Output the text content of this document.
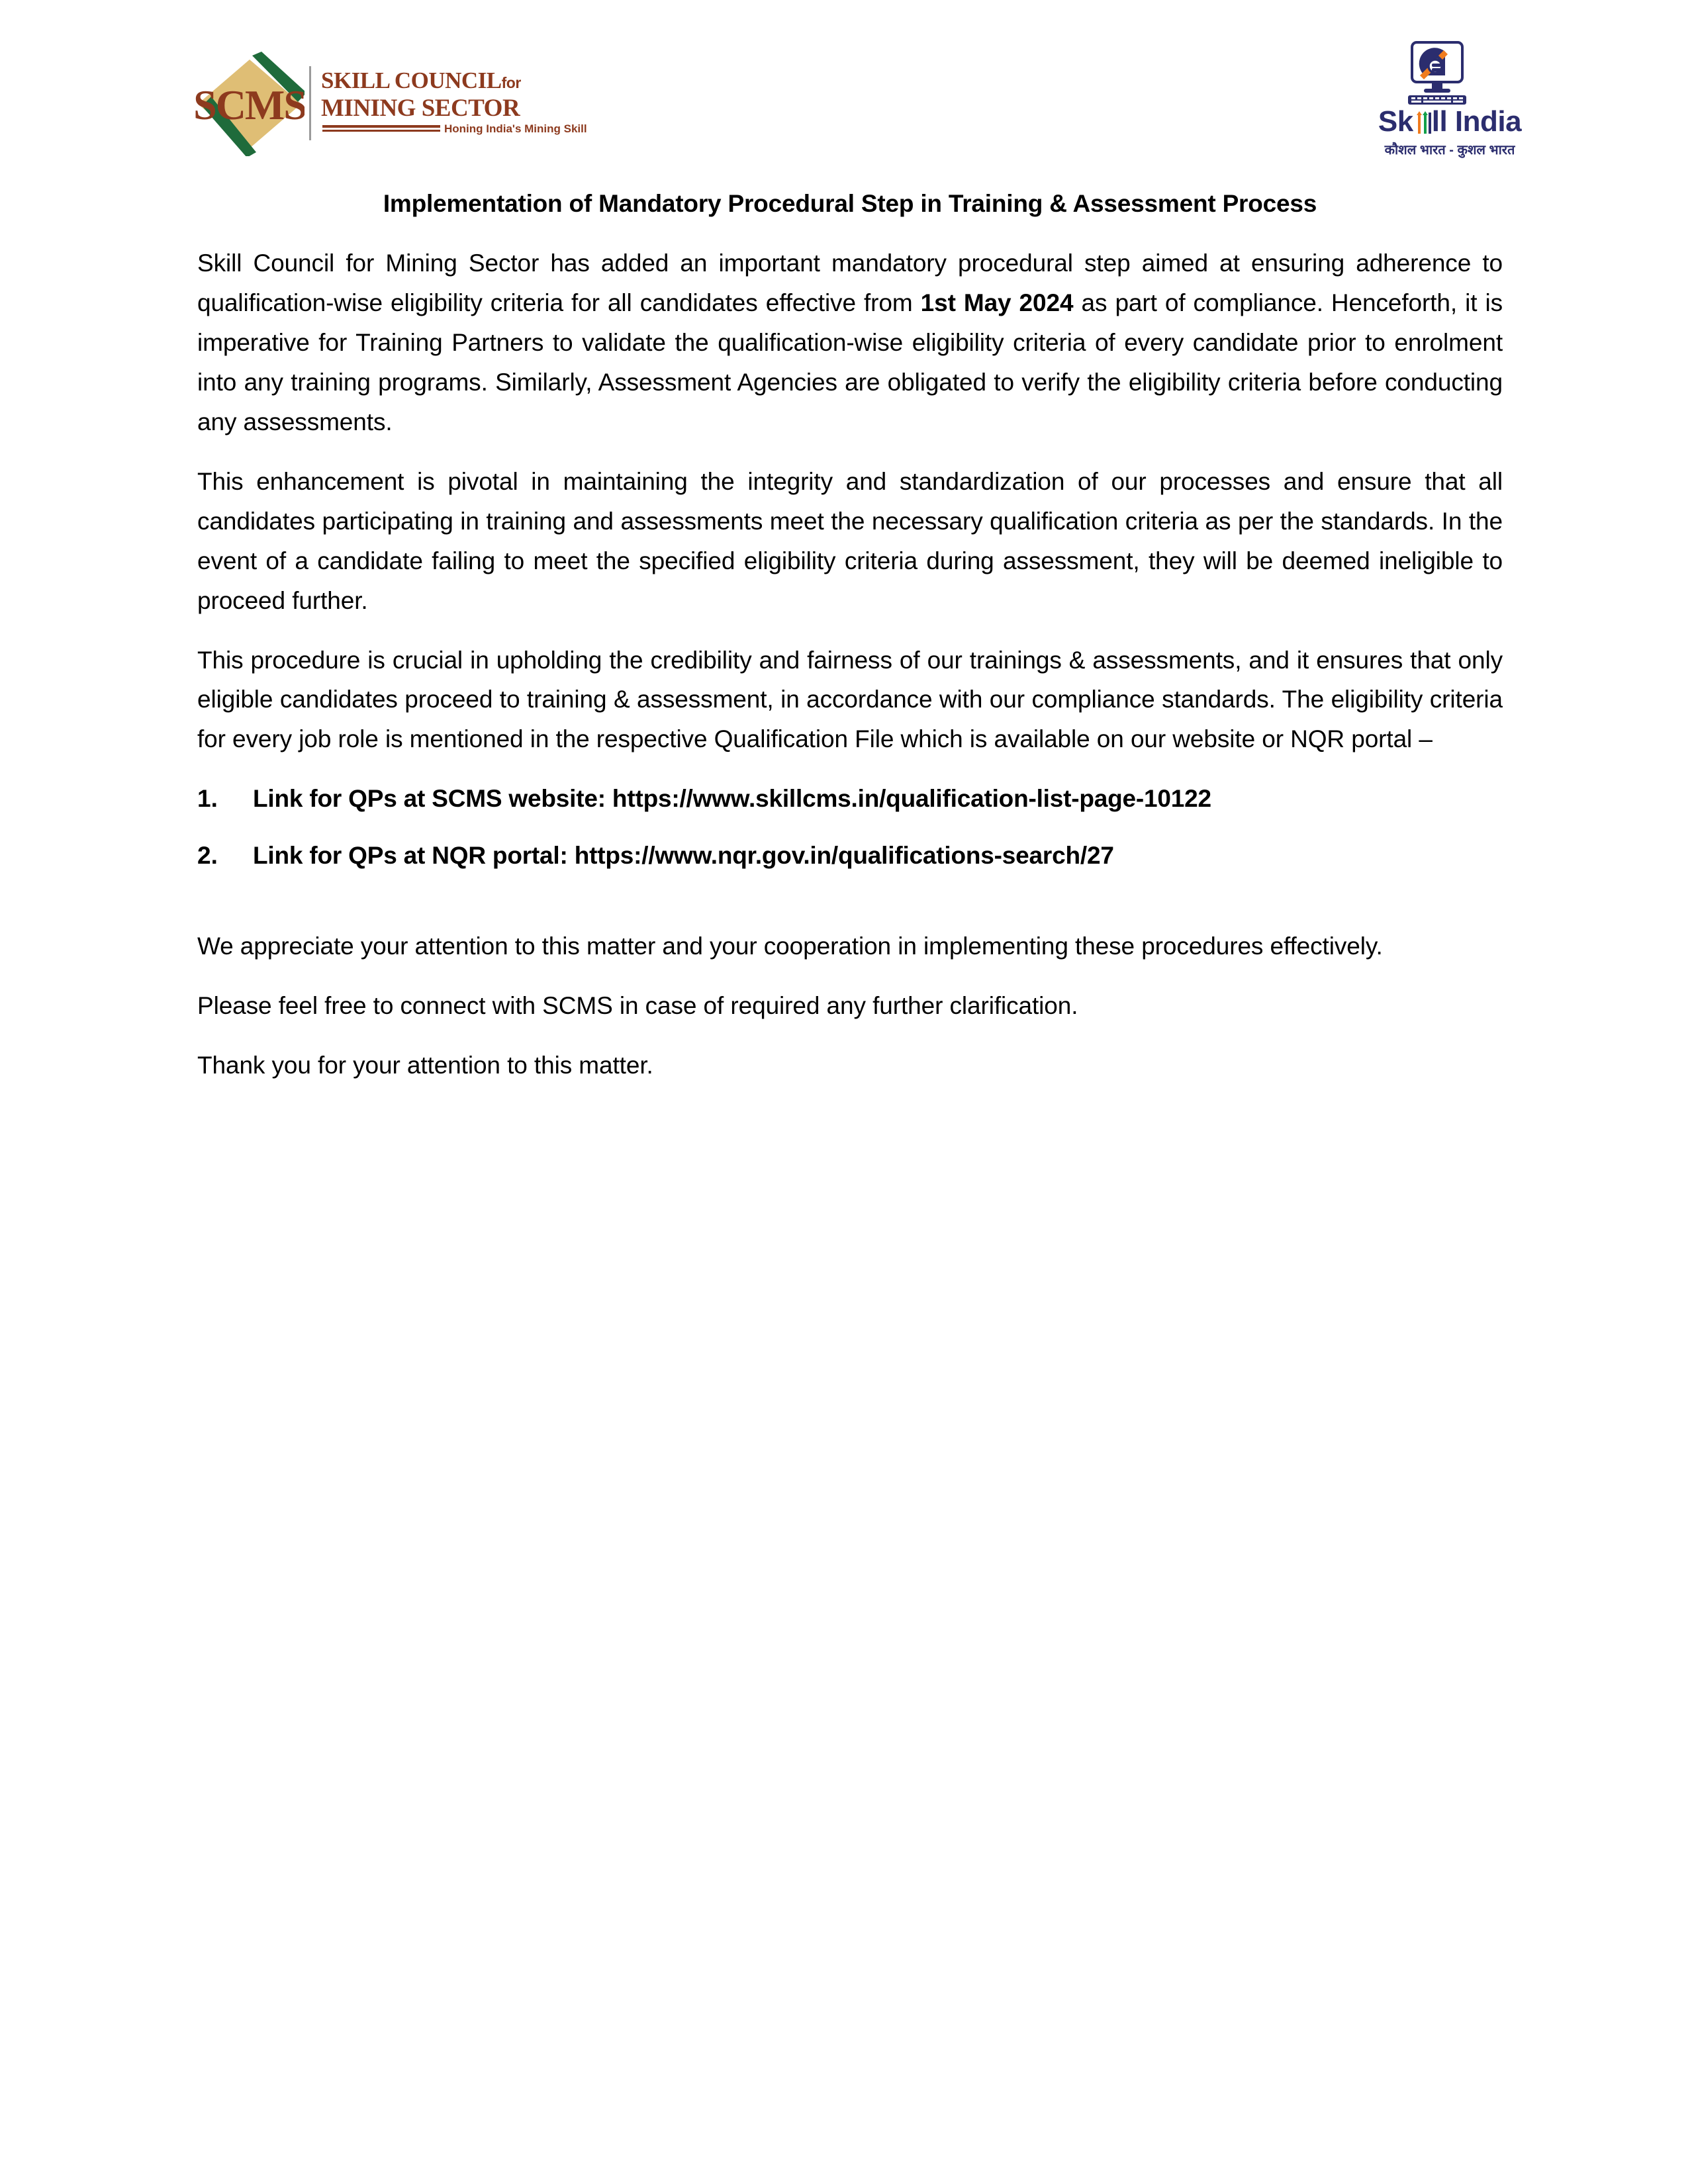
SCMS
SKILL COUNCILfor
MINING SECTOR
Honing India's Mining Skill	Sk ll India
कौशल भारत - कुशल भारत
Implementation of Mandatory Procedural Step in Training & Assessment Process

Skill Council for Mining Sector has added an important mandatory procedural step aimed at ensuring adherence to qualification-wise eligibility criteria for all candidates effective from 1st May 2024 as part of compliance. Henceforth, it is imperative for Training Partners to validate the qualification-wise eligibility criteria of every candidate prior to enrolment into any training programs. Similarly, Assessment Agencies are obligated to verify the eligibility criteria before conducting any assessments.

This enhancement is pivotal in maintaining the integrity and standardization of our processes and ensure that all candidates participating in training and assessments meet the necessary qualification criteria as per the standards. In the event of a candidate failing to meet the specified eligibility criteria during assessment, they will be deemed ineligible to proceed further.

This procedure is crucial in upholding the credibility and fairness of our trainings & assessments, and it ensures that only eligible candidates proceed to training & assessment, in accordance with our compliance standards. The eligibility criteria for every job role is mentioned in the respective Qualification File which is available on our website or NQR portal –

1.	Link for QPs at SCMS website: https://www.skillcms.in/qualification-list-page-10122
2.	Link for QPs at NQR portal: https://www.nqr.gov.in/qualifications-search/27

We appreciate your attention to this matter and your cooperation in implementing these procedures effectively.

Please feel free to connect with SCMS in case of required any further clarification.

Thank you for your attention to this matter.
